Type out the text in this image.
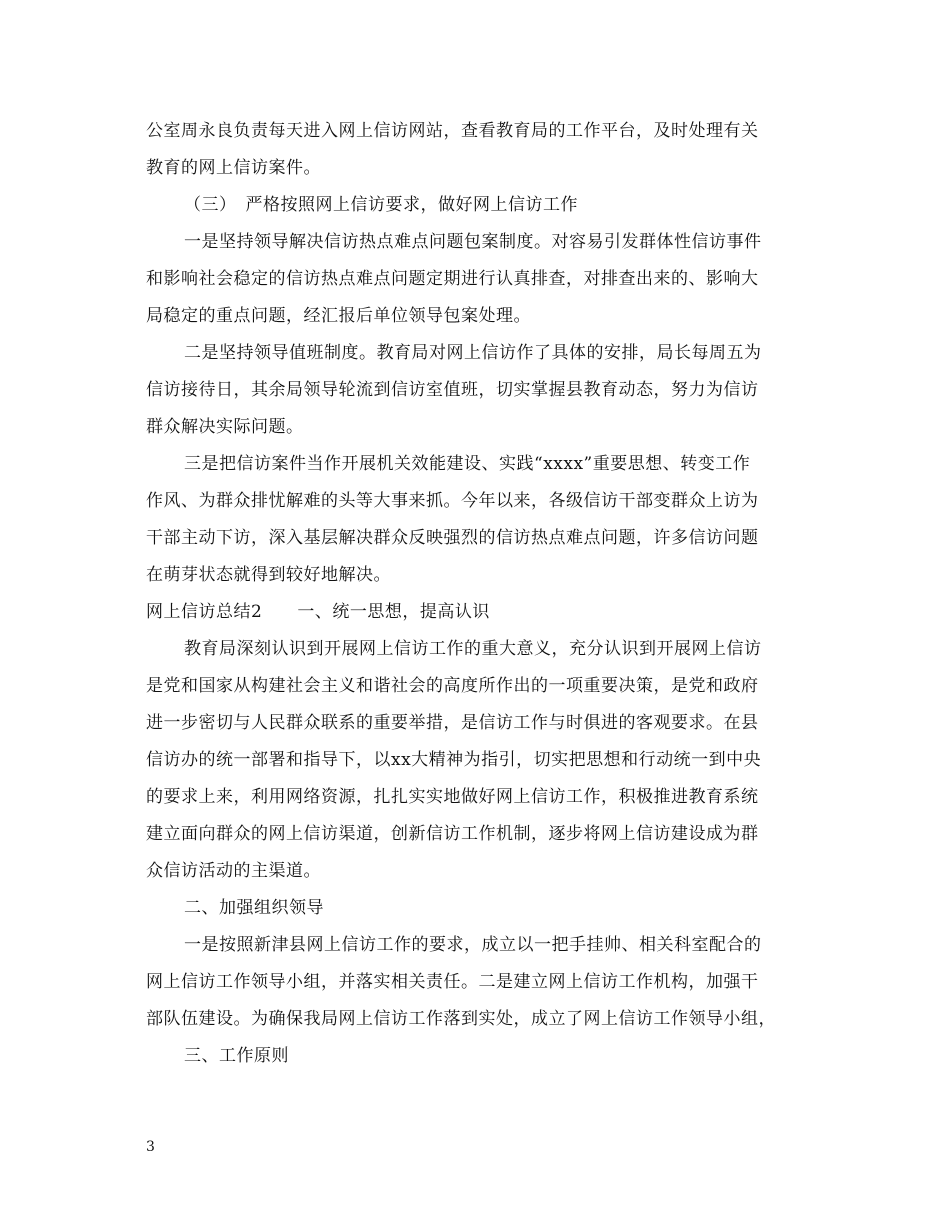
公室周永良负责每天进入网上信访网站，查看教育局的工作平台，及时处理有关
教育的网上信访案件。
（三）　严格按照网上信访要求，做好网上信访工作
一是坚持领导解决信访热点难点问题包案制度。对容易引发群体性信访事件
和影响社会稳定的信访热点难点问题定期进行认真排查，对排查出来的、影响大
局稳定的重点问题，经汇报后单位领导包案处理。
二是坚持领导值班制度。教育局对网上信访作了具体的安排，局长每周五为
信访接待日，其余局领导轮流到信访室值班，切实掌握县教育动态，努力为信访
群众解决实际问题。
三是把信访案件当作开展机关效能建设、实践“xxxx”重要思想、转变工作
作风、为群众排忧解难的头等大事来抓。今年以来，各级信访干部变群众上访为
干部主动下访，深入基层解决群众反映强烈的信访热点难点问题，许多信访问题
在萌芽状态就得到较好地解决。
网上信访总结2　　一、统一思想，提高认识
教育局深刻认识到开展网上信访工作的重大意义，充分认识到开展网上信访
是党和国家从构建社会主义和谐社会的高度所作出的一项重要决策，是党和政府
进一步密切与人民群众联系的重要举措，是信访工作与时俱进的客观要求。在县
信访办的统一部署和指导下，以xx大精神为指引，切实把思想和行动统一到中央
的要求上来，利用网络资源，扎扎实实地做好网上信访工作，积极推进教育系统
建立面向群众的网上信访渠道，创新信访工作机制，逐步将网上信访建设成为群
众信访活动的主渠道。
二、加强组织领导
一是按照新津县网上信访工作的要求，成立以一把手挂帅、相关科室配合的
网上信访工作领导小组，并落实相关责任。二是建立网上信访工作机构，加强干
部队伍建设。为确保我局网上信访工作落到实处，成立了网上信访工作领导小组，
三、工作原则
3
